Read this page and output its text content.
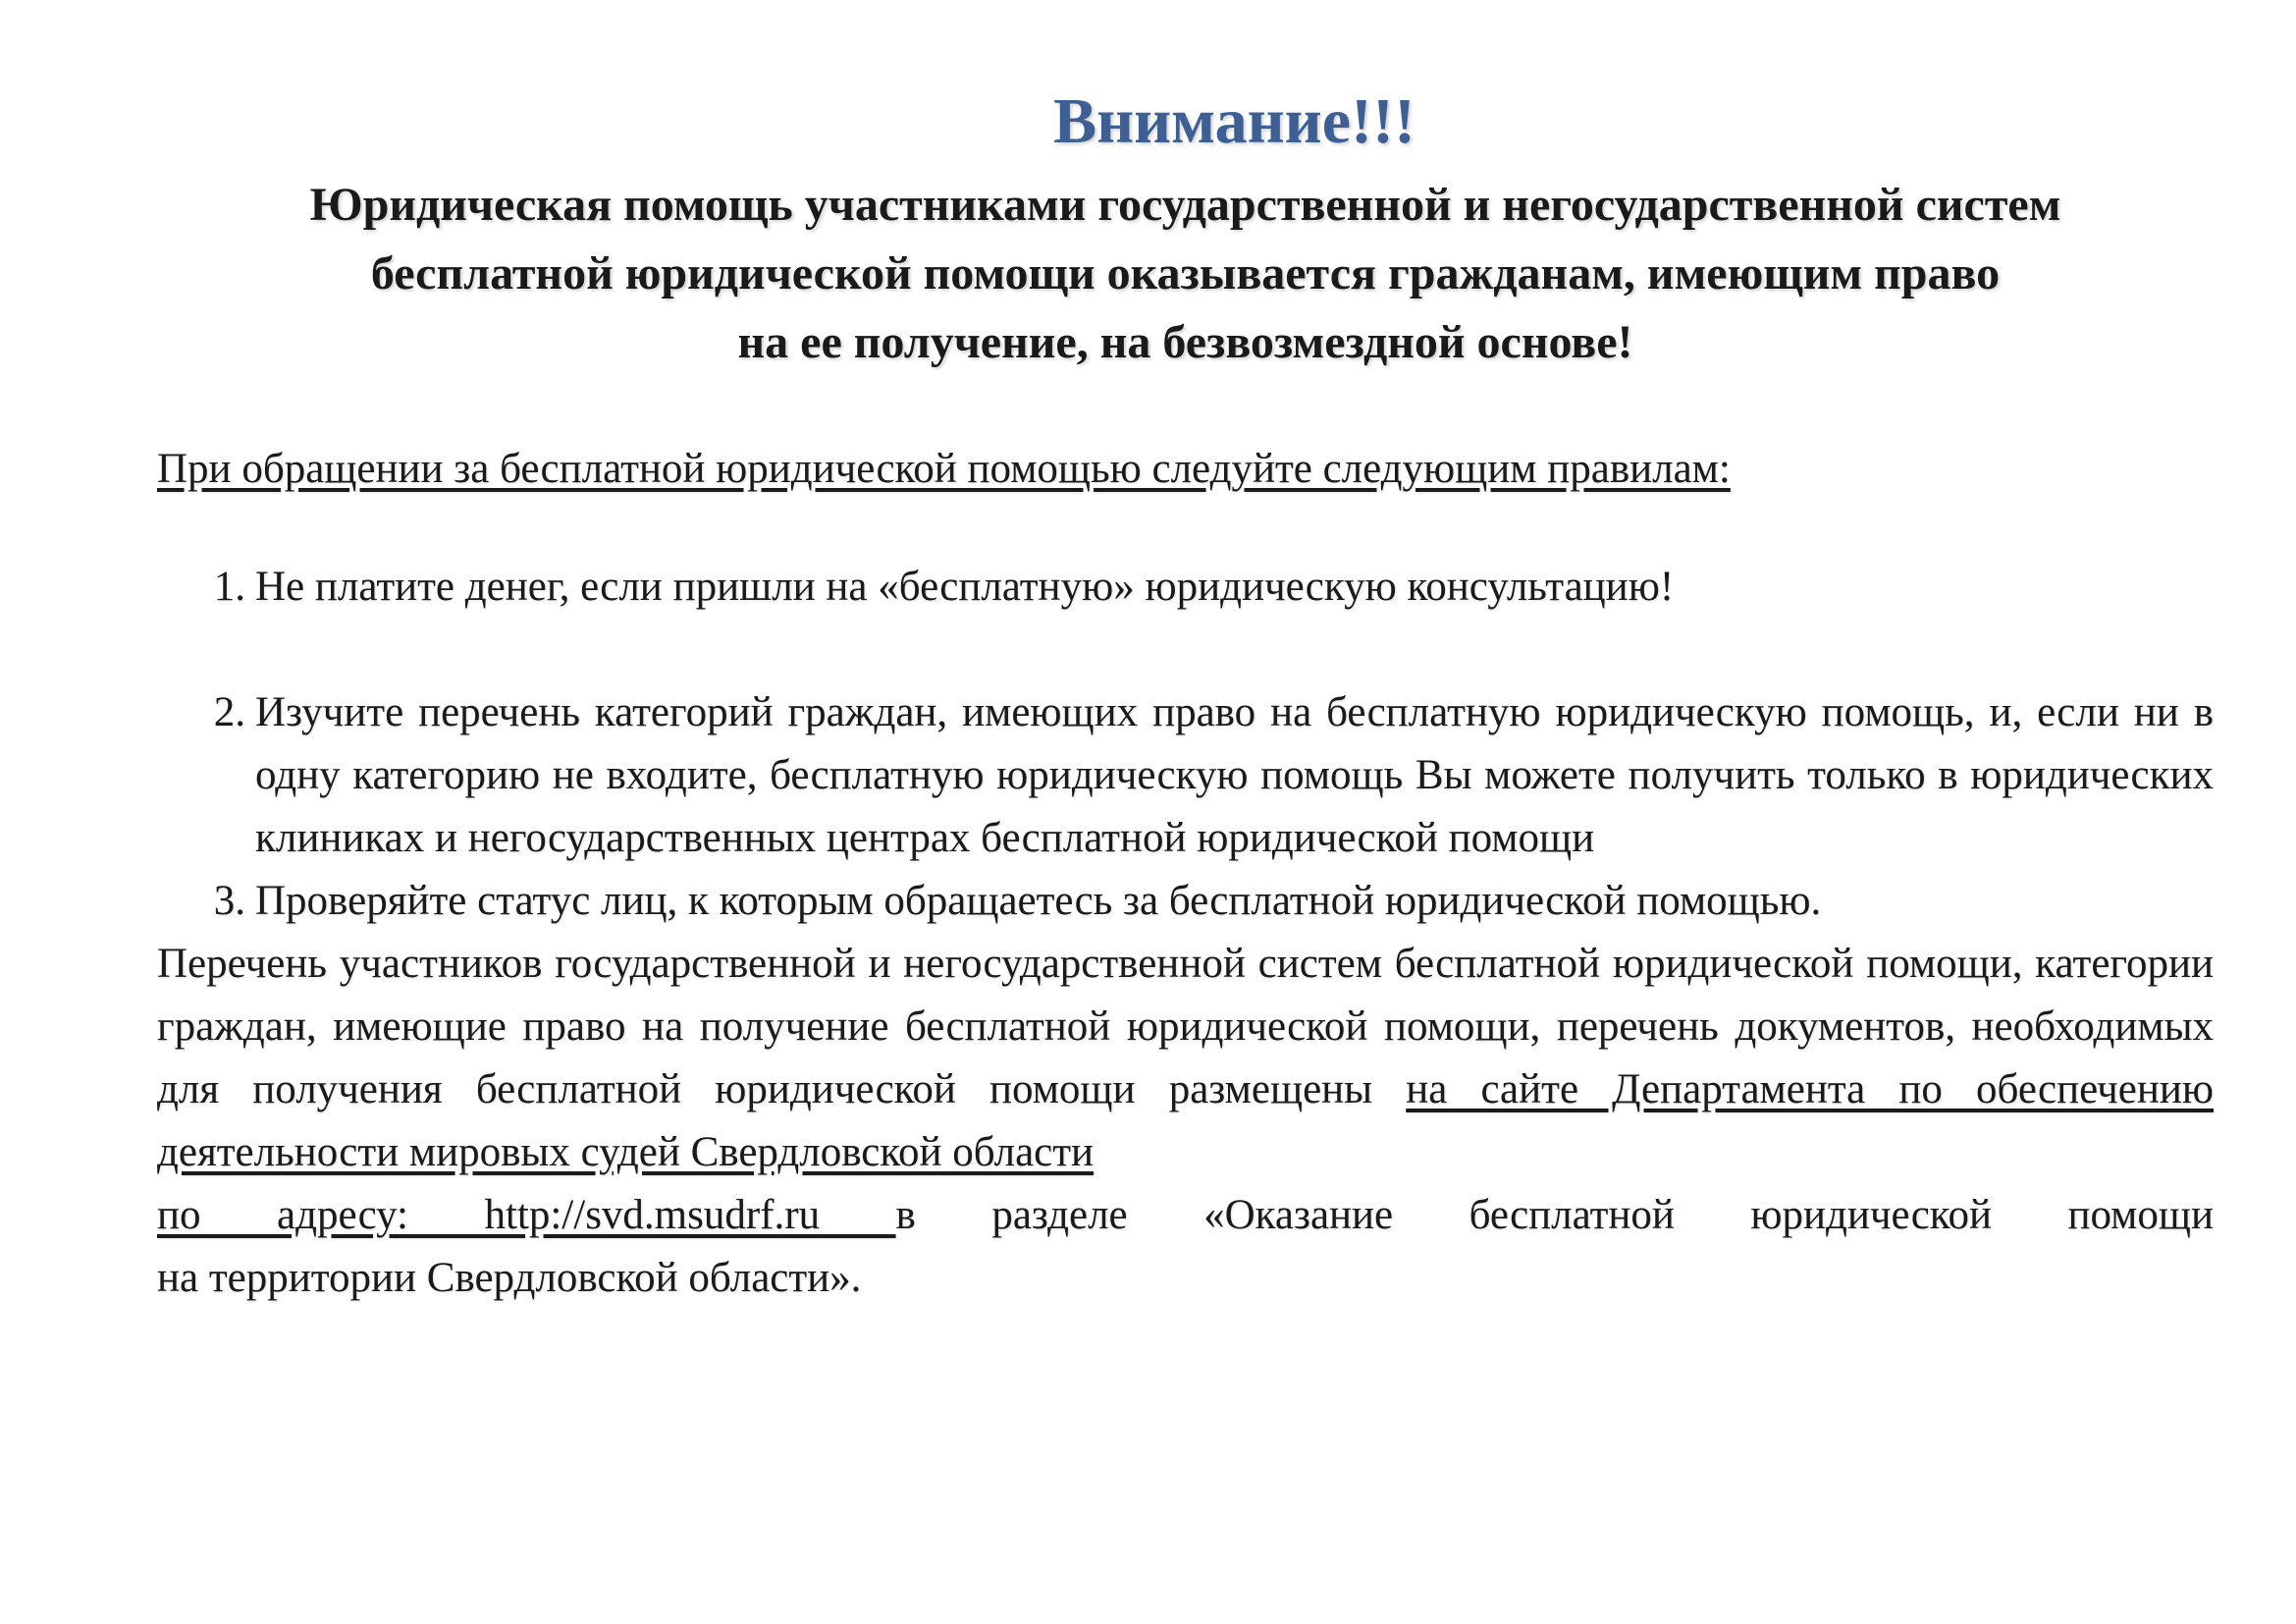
Внимание!!!
Юридическая помощь участниками государственной и негосударственной систем
бесплатной юридической помощи оказывается гражданам, имеющим право
на ее получение, на безвозмездной основе!

При обращении за бесплатной юридической помощью следуйте следующим правилам:

1. Не платите денег, если пришли на «бесплатную» юридическую консультацию!
2. Изучите перечень категорий граждан, имеющих право на бесплатную юридическую помощь, и, если ни в одну категорию не входите, бесплатную юридическую помощь Вы можете получить только в юридических клиниках и негосударственных центрах бесплатной юридической помощи
3. Проверяйте статус лиц, к которым обращаетесь за бесплатной юридической помощью.

Перечень участников государственной и негосударственной систем бесплатной юридической помощи, категории граждан, имеющие право на получение бесплатной юридической помощи, перечень документов, необходимых для получения бесплатной юридической помощи размещены на сайте Департамента по обеспечению деятельности мировых судей Свердловской области

по адресу: http://svd.msudrf.ru в разделе «Оказание бесплатной юридической помощи

на территории Свердловской области».
